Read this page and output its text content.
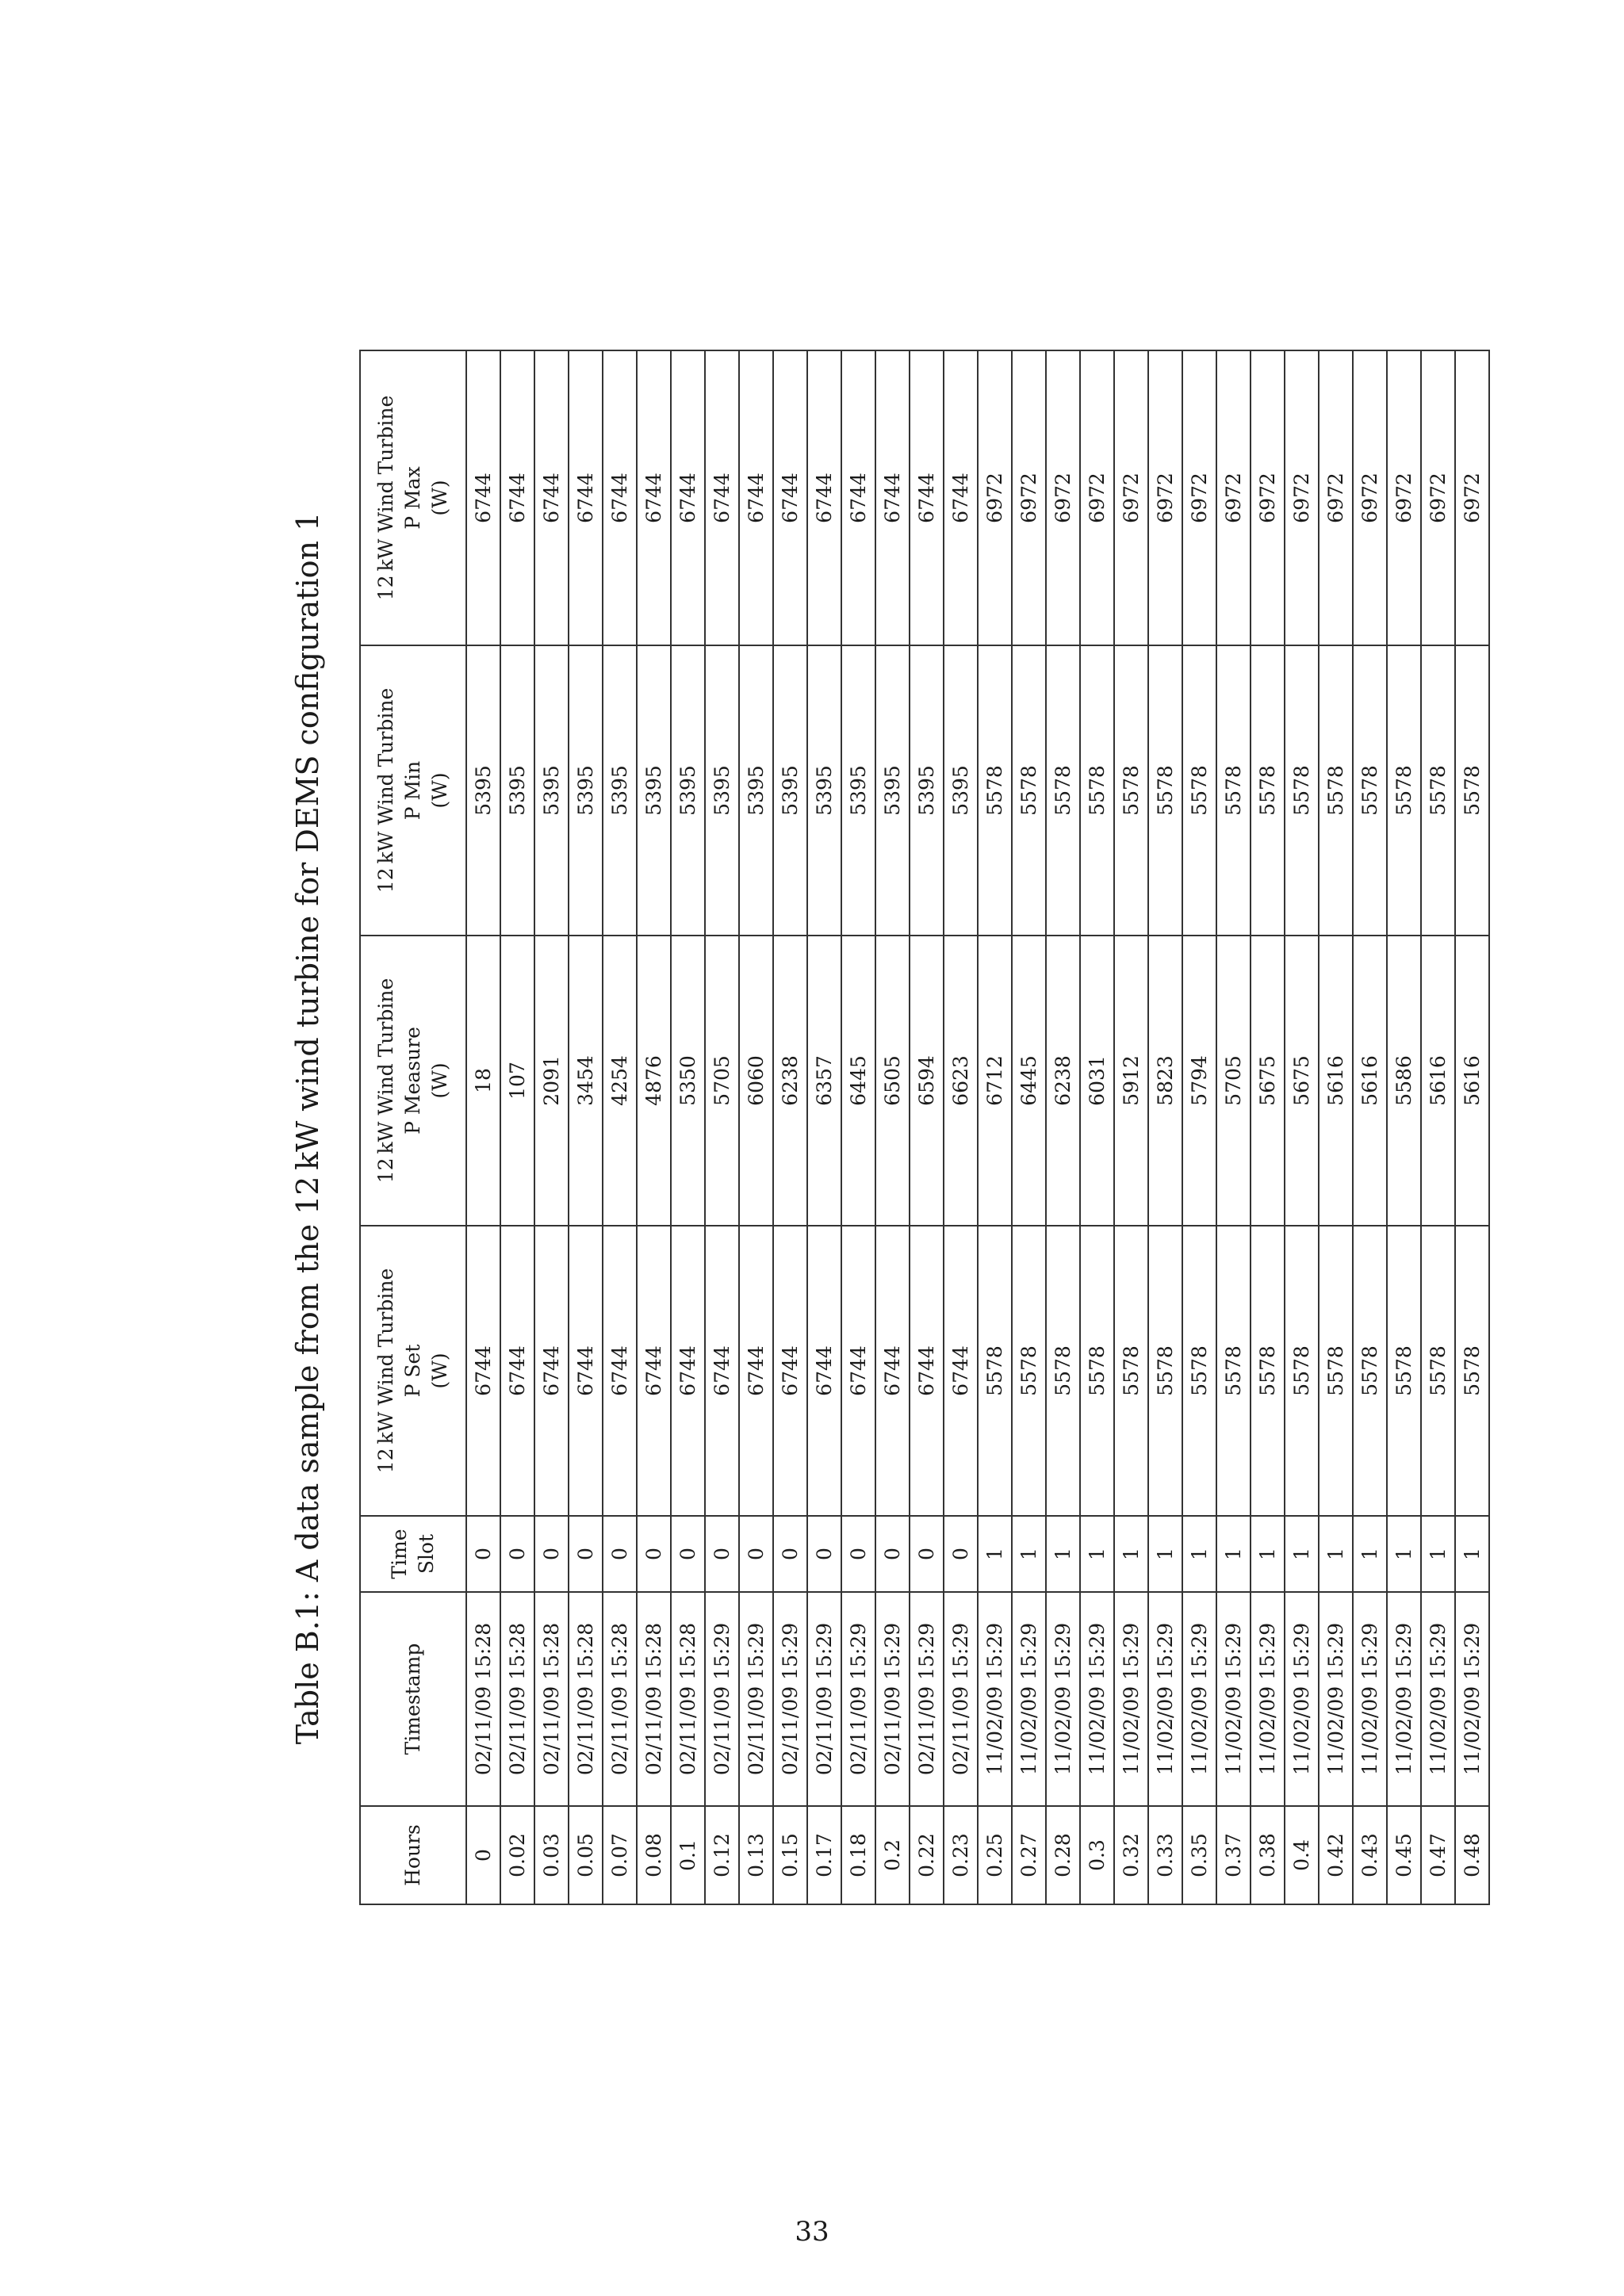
Table B.1: A data sample from the 12 kW wind turbine for DEMS configuration 1
Hours	Timestamp	Time Slot	12 kW Wind Turbine P Set (W)	12 kW Wind Turbine P Measure (W)	12 kW Wind Turbine P Min (W)	12 kW Wind Turbine P Max (W)

0	02/11/09 15:28	0	6744	18	5395	6744
0.02	02/11/09 15:28	0	6744	107	5395	6744
0.03	02/11/09 15:28	0	6744	2091	5395	6744
0.05	02/11/09 15:28	0	6744	3454	5395	6744
0.07	02/11/09 15:28	0	6744	4254	5395	6744
0.08	02/11/09 15:28	0	6744	4876	5395	6744
0.1	02/11/09 15:28	0	6744	5350	5395	6744
0.12	02/11/09 15:29	0	6744	5705	5395	6744
0.13	02/11/09 15:29	0	6744	6060	5395	6744
0.15	02/11/09 15:29	0	6744	6238	5395	6744
0.17	02/11/09 15:29	0	6744	6357	5395	6744
0.18	02/11/09 15:29	0	6744	6445	5395	6744
0.2	02/11/09 15:29	0	6744	6505	5395	6744
0.22	02/11/09 15:29	0	6744	6594	5395	6744
0.23	02/11/09 15:29	0	6744	6623	5395	6744
0.25	11/02/09 15:29	1	5578	6712	5578	6972
0.27	11/02/09 15:29	1	5578	6445	5578	6972
0.28	11/02/09 15:29	1	5578	6238	5578	6972
0.3	11/02/09 15:29	1	5578	6031	5578	6972
0.32	11/02/09 15:29	1	5578	5912	5578	6972
0.33	11/02/09 15:29	1	5578	5823	5578	6972
0.35	11/02/09 15:29	1	5578	5794	5578	6972
0.37	11/02/09 15:29	1	5578	5705	5578	6972
0.38	11/02/09 15:29	1	5578	5675	5578	6972
0.4	11/02/09 15:29	1	5578	5675	5578	6972
0.42	11/02/09 15:29	1	5578	5616	5578	6972
0.43	11/02/09 15:29	1	5578	5616	5578	6972
0.45	11/02/09 15:29	1	5578	5586	5578	6972
0.47	11/02/09 15:29	1	5578	5616	5578	6972
0.48	11/02/09 15:29	1	5578	5616	5578	6972
33
